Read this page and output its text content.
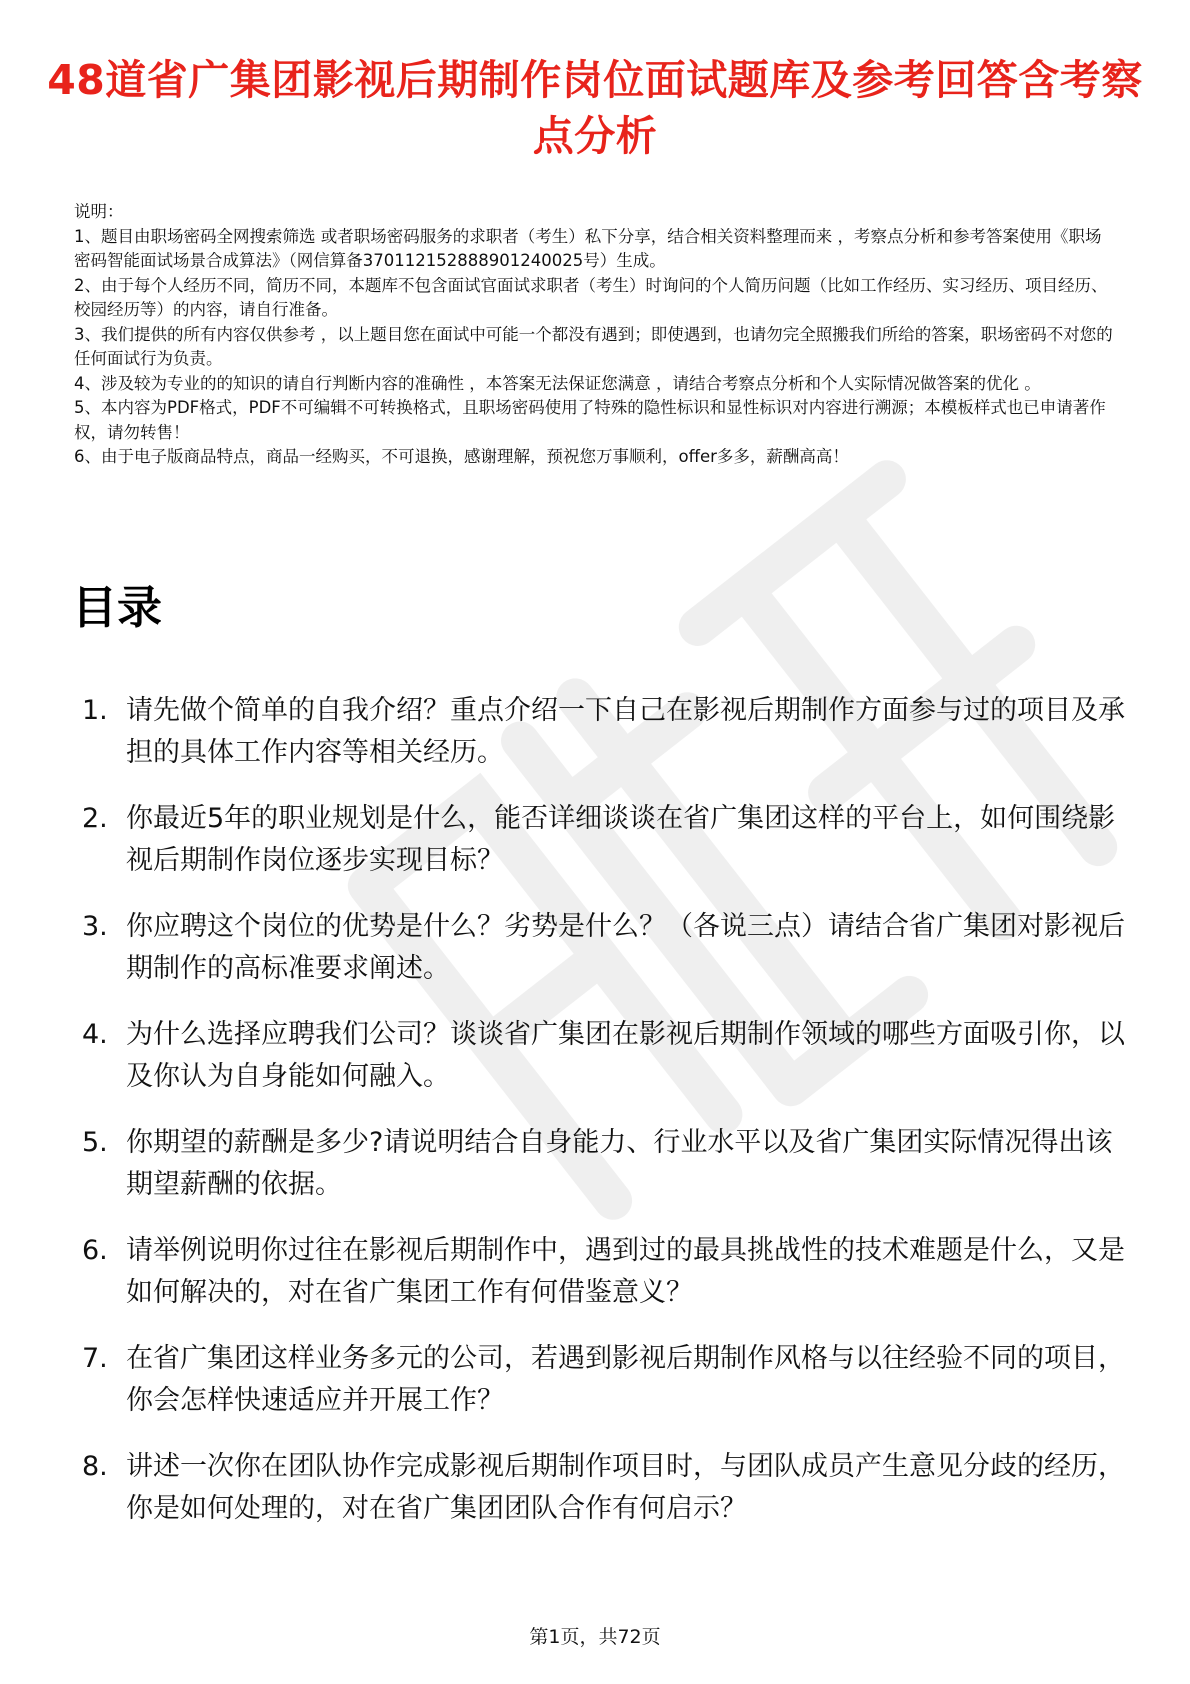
48道省广集团影视后期制作岗位面试题库及参考回答含考察点分析

说明：

1、题目由职场密码全网搜索筛选 或者职场密码服务的求职者（考生）私下分享，结合相关资料整理而来 ，考察点分析和参考答案使用《职场密码智能面试场景合成算法》（网信算备370112152888901240025号）生成。

2、由于每个人经历不同，简历不同，本题库不包含面试官面试求职者（考生）时询问的个人简历问题（比如工作经历、实习经历、项目经历、校园经历等）的内容，请自行准备。

3、我们提供的所有内容仅供参考 ，以上题目您在面试中可能一个都没有遇到；即使遇到，也请勿完全照搬我们所给的答案，职场密码不对您的任何面试行为负责。

4、涉及较为专业的的知识的请自行判断内容的准确性 ，本答案无法保证您满意 ，请结合考察点分析和个人实际情况做答案的优化 。

5、本内容为PDF格式，PDF不可编辑不可转换格式，且职场密码使用了特殊的隐性标识和显性标识对内容进行溯源；本模板样式也已申请著作权，请勿转售！

6、由于电子版商品特点，商品一经购买，不可退换，感谢理解，预祝您万事顺利，offer多多，薪酬高高！

目录
1. 请先做个简单的自我介绍？重点介绍一下自己在影视后期制作方面参与过的项目及承担的具体工作内容等相关经历。
2. 你最近5年的职业规划是什么，能否详细谈谈在省广集团这样的平台上，如何围绕影视后期制作岗位逐步实现目标？
3. 你应聘这个岗位的优势是什么？劣势是什么？（各说三点）请结合省广集团对影视后期制作的高标准要求阐述。
4. 为什么选择应聘我们公司？谈谈省广集团在影视后期制作领域的哪些方面吸引你，以及你认为自身能如何融入。
5. 你期望的薪酬是多少?请说明结合自身能力、行业水平以及省广集团实际情况得出该期望薪酬的依据。
6. 请举例说明你过往在影视后期制作中，遇到过的最具挑战性的技术难题是什么，又是如何解决的，对在省广集团工作有何借鉴意义？
7. 在省广集团这样业务多元的公司，若遇到影视后期制作风格与以往经验不同的项目，你会怎样快速适应并开展工作？
8. 讲述一次你在团队协作完成影视后期制作项目时，与团队成员产生意见分歧的经历，你是如何处理的，对在省广集团团队合作有何启示？
第1页，共72页
